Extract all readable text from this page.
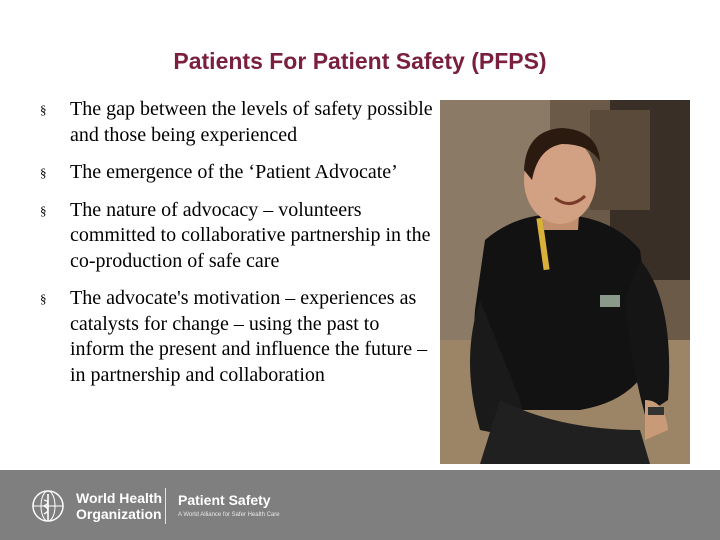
Patients For Patient Safety (PFPS)
§ The gap between the levels of safety possible and those being experienced
§ The emergence of the ‘Patient Advocate’
§ The nature of advocacy – volunteers committed to collaborative partnership in the co-production of safe care
§ The advocate's motivation – experiences as catalysts for change – using the past to inform the present and influence the future – in partnership and collaboration
World Health
Organization
Patient Safety
A World Alliance for Safer Health Care
